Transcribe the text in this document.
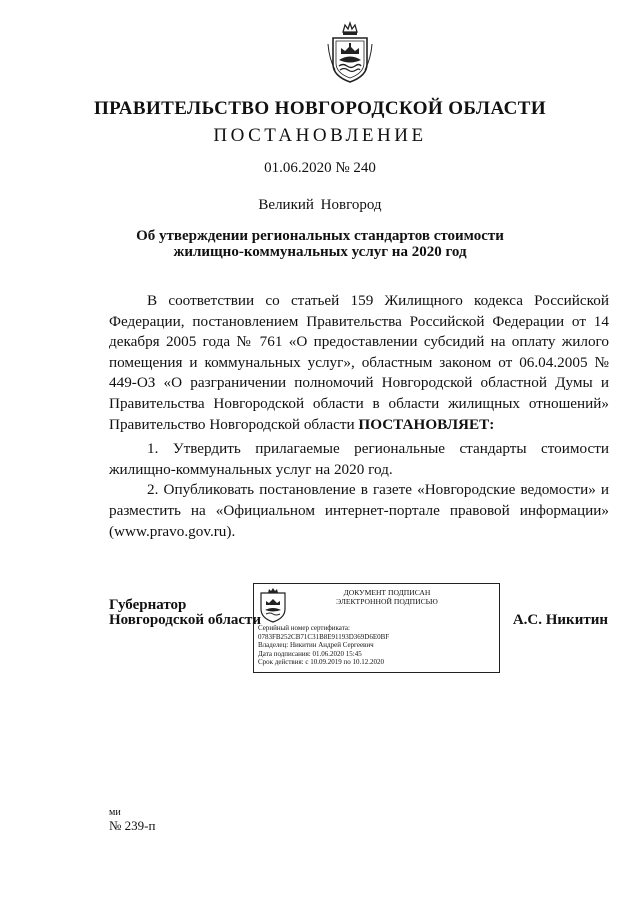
ПРАВИТЕЛЬСТВО НОВГОРОДСКОЙ ОБЛАСТИ
ПОСТАНОВЛЕНИЕ
01.06.2020 № 240
Великий Новгород
Об утверждении региональных стандартов стоимости
жилищно-коммунальных услуг на 2020 год

В соответствии со статьей 159 Жилищного кодекса Российской Федерации, постановлением Правительства Российской Федерации от 14 декабря 2005 года № 761 «О предоставлении субсидий на оплату жилого помещения и коммунальных услуг», областным законом от 06.04.2005 № 449-ОЗ «О разграничении полномочий Новгородской областной Думы и Правительства Новгородской области в области жилищных отношений» Правительство Новгородской области ПОСТАНОВЛЯЕТ:

1. Утвердить прилагаемые региональные стандарты стоимости жилищно-коммунальных услуг на 2020 год.

2. Опубликовать постановление в газете «Новгородские ведомости» и разместить на «Официальном интернет-портале правовой информации» (www.pravo.gov.ru).

Губернатор
Новгородской области
ДОКУМЕНТ ПОДПИСАН
ЭЛЕКТРОННОЙ ПОДПИСЬЮ
Серийный номер сертификата:
0783FB252CB71C31B8E91193D369D6E0BF
Владелец: Никитин Андрей Сергеевич
Дата подписания: 01.06.2020 15:45
Срок действия: с 10.09.2019 по 10.12.2020
А.С. Никитин
ми
№ 239-п
